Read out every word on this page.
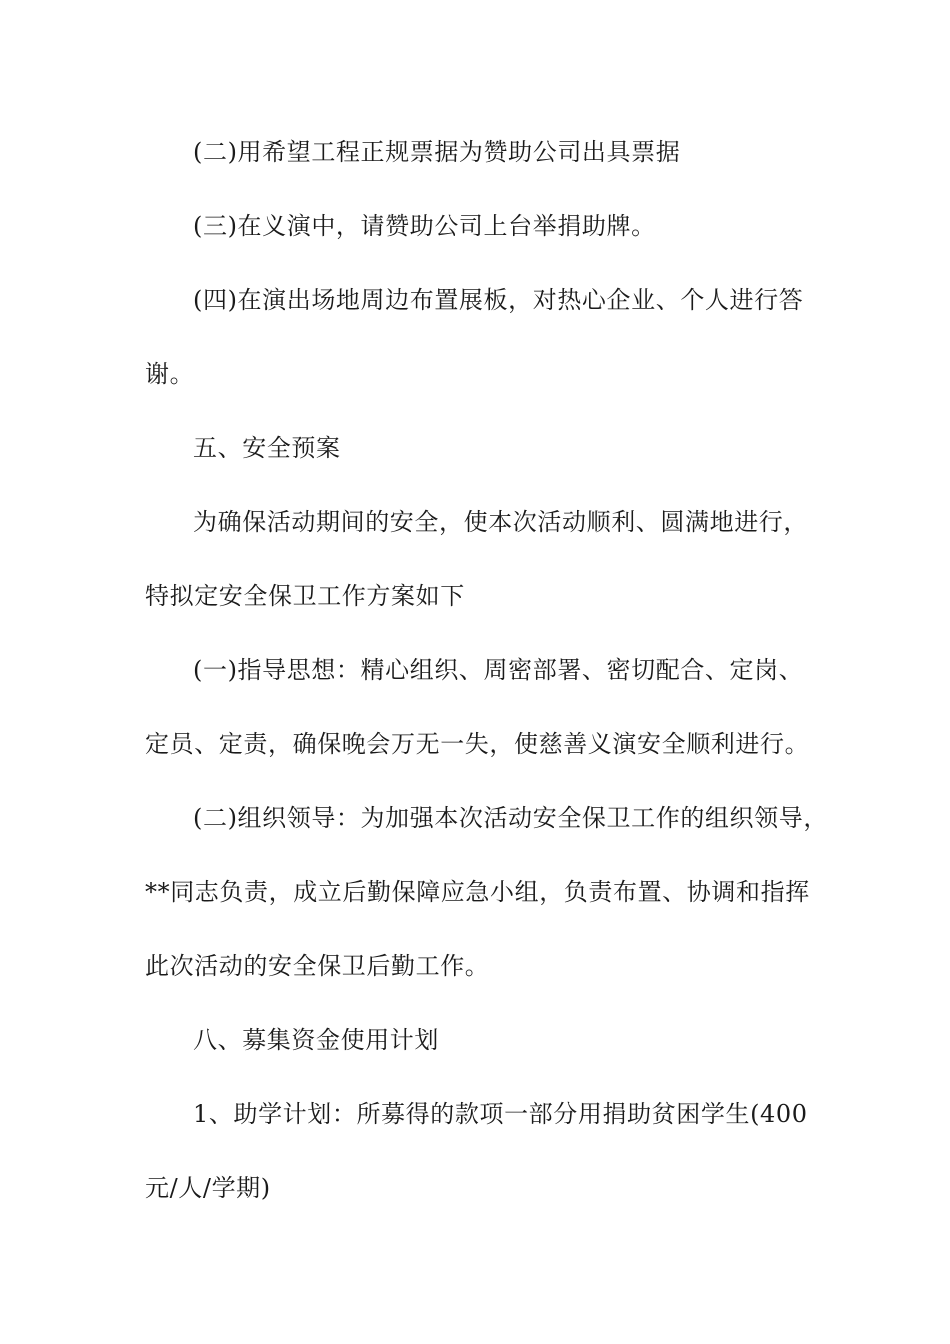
(二)用希望工程正规票据为赞助公司出具票据
(三)在义演中，请赞助公司上台举捐助牌。
(四)在演出场地周边布置展板，对热心企业、个人进行答
谢。
五、安全预案
为确保活动期间的安全，使本次活动顺利、圆满地进行，
特拟定安全保卫工作方案如下
(一)指导思想：精心组织、周密部署、密切配合、定岗、
定员、定责，确保晚会万无一失，使慈善义演安全顺利进行。
(二)组织领导：为加强本次活动安全保卫工作的组织领导，
**同志负责，成立后勤保障应急小组，负责布置、协调和指挥
此次活动的安全保卫后勤工作。
八、募集资金使用计划
1、助学计划：所募得的款项一部分用捐助贫困学生(400
元/人/学期)
